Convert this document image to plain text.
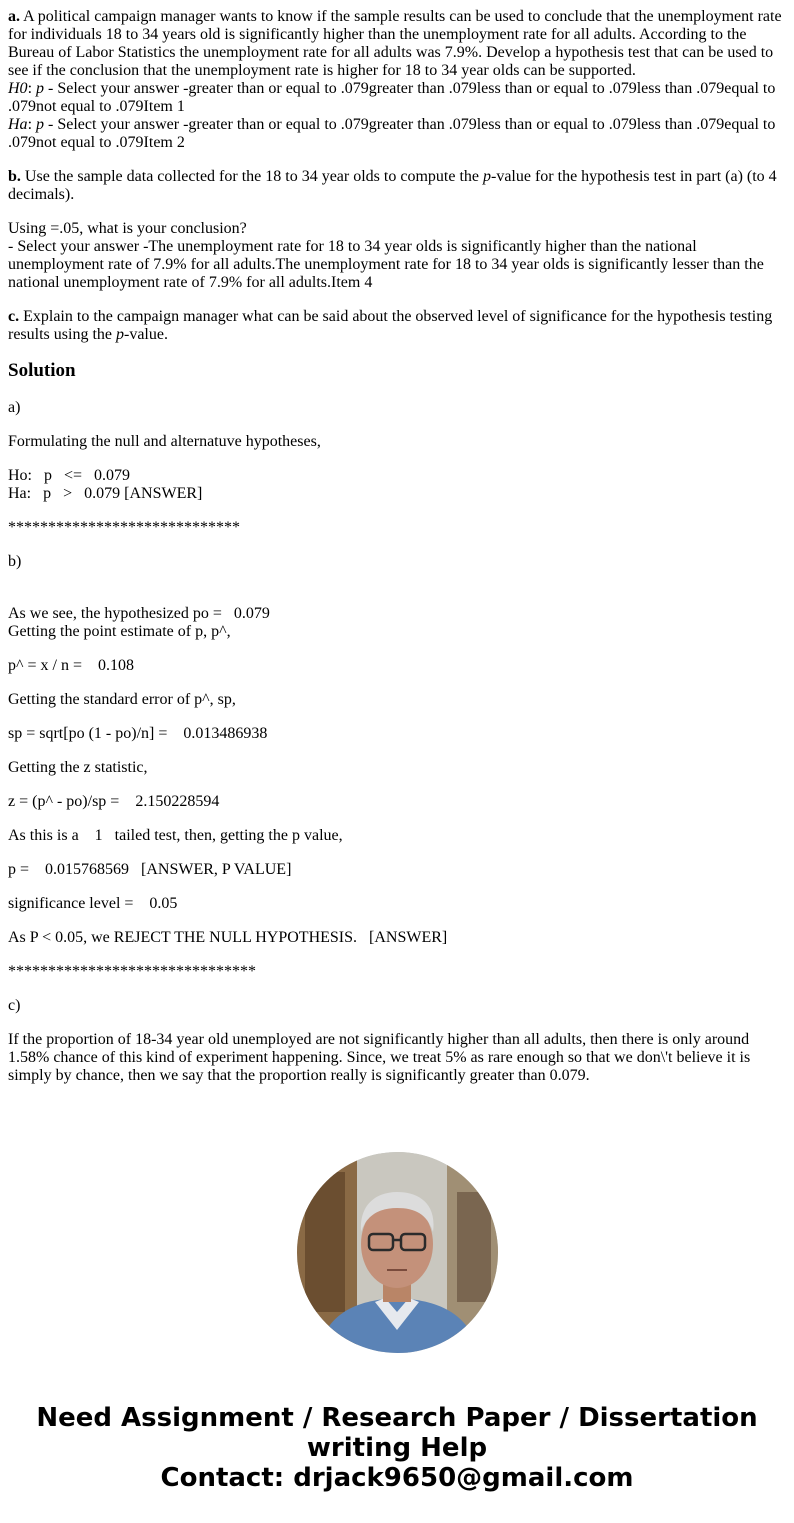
a. A political campaign manager wants to know if the sample results can be used to conclude that the unemployment rate for individuals 18 to 34 years old is significantly higher than the unemployment rate for all adults. According to the Bureau of Labor Statistics the unemployment rate for all adults was 7.9%. Develop a hypothesis test that can be used to see if the conclusion that the unemployment rate is higher for 18 to 34 year olds can be supported.
H0: p - Select your answer -greater than or equal to .079greater than .079less than or equal to .079less than .079equal to .079not equal to .079Item 1
Ha: p - Select your answer -greater than or equal to .079greater than .079less than or equal to .079less than .079equal to .079not equal to .079Item 2

b. Use the sample data collected for the 18 to 34 year olds to compute the p-value for the hypothesis test in part (a) (to 4 decimals).

Using =.05, what is your conclusion?
- Select your answer -The unemployment rate for 18 to 34 year olds is significantly higher than the national unemployment rate of 7.9% for all adults.The unemployment rate for 18 to 34 year olds is significantly lesser than the national unemployment rate of 7.9% for all adults.Item 4

c. Explain to the campaign manager what can be said about the observed level of significance for the hypothesis testing results using the p-value.

Solution

a)

Formulating the null and alternatuve hypotheses,

Ho:   p   <=   0.079
Ha:   p   >   0.079 [ANSWER]

*****************************

b)

As we see, the hypothesized po =   0.079
Getting the point estimate of p, p^,

p^ = x / n =    0.108

Getting the standard error of p^, sp,

sp = sqrt[po (1 - po)/n] =    0.013486938

Getting the z statistic,

z = (p^ - po)/sp =    2.150228594

As this is a    1   tailed test, then, getting the p value,

p =    0.015768569   [ANSWER, P VALUE]

significance level =    0.05

As P < 0.05, we REJECT THE NULL HYPOTHESIS.   [ANSWER]

*******************************

c)

If the proportion of 18-34 year old unemployed are not significantly higher than all adults, then there is only around 1.58% chance of this kind of experiment happening. Since, we treat 5% as rare enough so that we don\'t believe it is simply by chance, then we say that the proportion really is significantly greater than 0.079.

Need Assignment / Research Paper / Dissertation
writing Help
Contact: drjack9650@gmail.com
